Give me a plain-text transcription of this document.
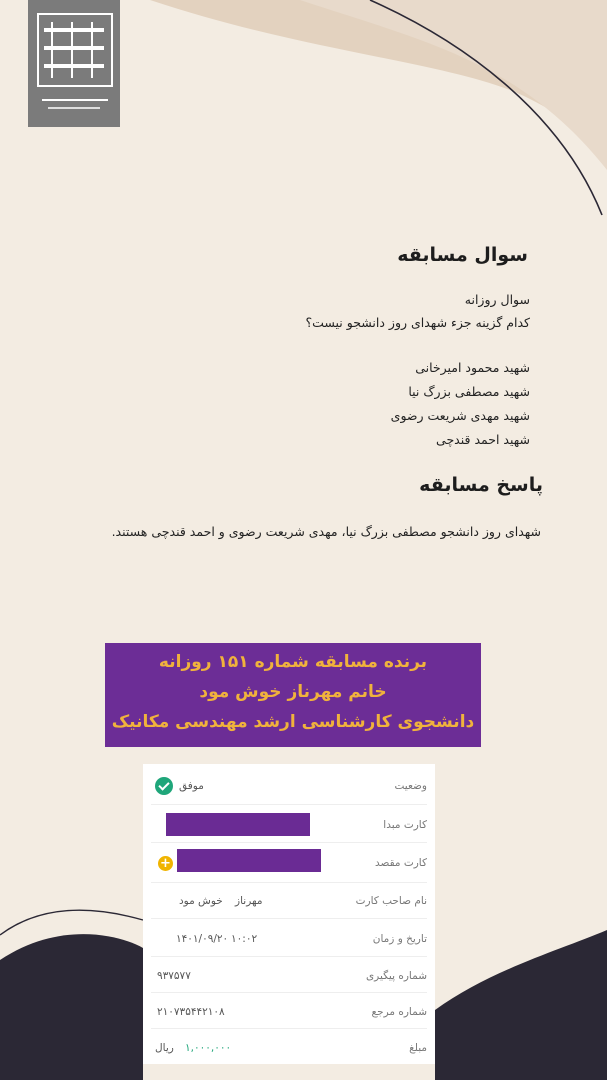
سوال مسابقه
سوال روزانه
کدام گزینه جزء شهدای روز دانشجو نیست؟
شهید محمود امیرخانی
شهید مصطفی بزرگ نیا
شهید مهدی شریعت رضوی
شهید احمد قندچی
پاسخ مسابقه
شهدای روز دانشجو مصطفی بزرگ نیا، مهدی شریعت رضوی و احمد قندچی هستند.
برنده مسابقه شماره ۱۵۱ روزانه
خانم مهرناز خوش مود
دانشجوی کارشناسی ارشد مهندسی مکانیک
وضعیت
موفق
کارت مبدا
کارت مقصد
+
نام صاحب کارت
مهرناز
خوش مود
تاریخ و زمان
۱۰:۰۲
۱۴۰۱/۰۹/۲۰
شماره پیگیری
۹۳۷۵۷۷
شماره مرجع
۲۱۰۷۳۵۴۴۲۱۰۸
مبلغ
۱,۰۰۰,۰۰۰
ریال
